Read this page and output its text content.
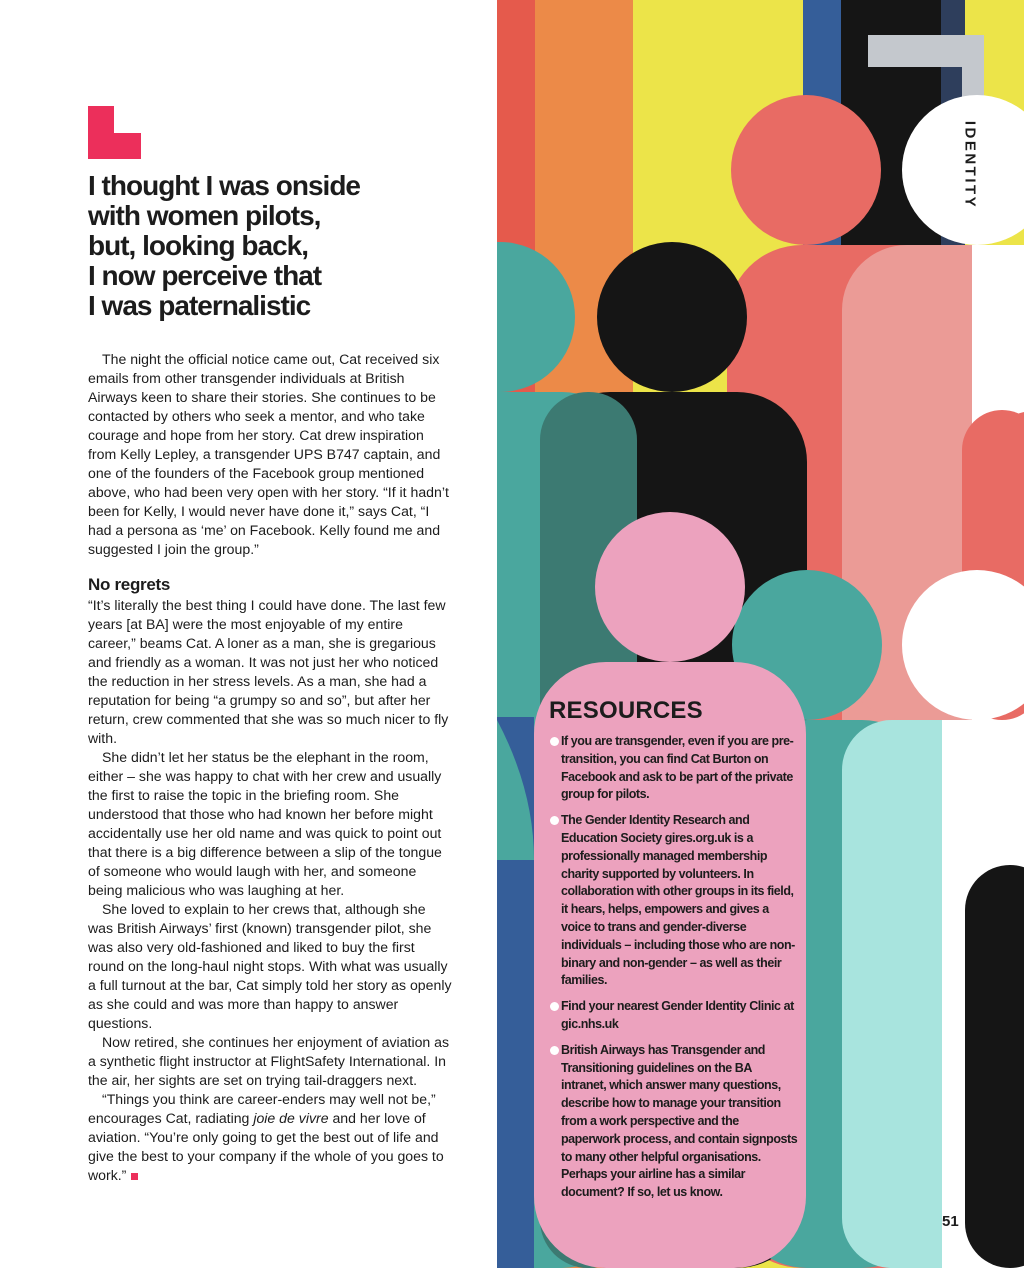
I thought I was onside
with women pilots,
but, looking back,
I now perceive that
I was paternalistic

The night the official notice came out, Cat received six emails from other transgender individuals at British Airways keen to share their stories. She continues to be contacted by others who seek a mentor, and who take courage and hope from her story. Cat drew inspiration from Kelly Lepley, a transgender UPS B747 captain, and one of the founders of the Facebook group mentioned above, who had been very open with her story. “If it hadn’t been for Kelly, I would never have done it,” says Cat, “I had a persona as ‘me’ on Facebook. Kelly found me and suggested I join the group.”

No regrets

“It’s literally the best thing I could have done. The last few years [at BA] were the most enjoyable of my entire career,” beams Cat. A loner as a man, she is gregarious and friendly as a woman. It was not just her who noticed the reduction in her stress levels. As a man, she had a reputation for being “a grumpy so and so”, but after her return, crew commented that she was so much nicer to fly with.

She didn’t let her status be the elephant in the room, either – she was happy to chat with her crew and usually the first to raise the topic in the briefing room. She understood that those who had known her before might accidentally use her old name and was quick to point out that there is a big difference between a slip of the tongue of someone who would laugh with her, and someone being malicious who was laughing at her.

She loved to explain to her crews that, although she was British Airways’ first (known) transgender pilot, she was also very old-fashioned and liked to buy the first round on the long-haul night stops. With what was usually a full turnout at the bar, Cat simply told her story as openly as she could and was more than happy to answer questions.

Now retired, she continues her enjoyment of aviation as a synthetic flight instructor at FlightSafety International. In the air, her sights are set on trying tail-draggers next.

“Things you think are career-enders may well not be,” encourages Cat, radiating joie de vivre and her love of aviation. “You’re only going to get the best out of life and give the best to your company if the whole of you goes to work.”

IDENTITY
RESOURCES
If you are transgender, even if you are pre-transition, you can find Cat Burton on Facebook and ask to be part of the private group for pilots.
The Gender Identity Research and Education Society gires.org.uk is a professionally managed membership charity supported by volunteers. In collaboration with other groups in its field, it hears, helps, empowers and gives a voice to trans and gender-diverse individuals – including those who are non-binary and non-gender – as well as their families.
Find your nearest Gender Identity Clinic at gic.nhs.uk
British Airways has Transgender and Transitioning guidelines on the BA intranet, which answer many questions, describe how to manage your transition from a work perspective and the paperwork process, and contain signposts to many other helpful organisations. Perhaps your airline has a similar document? If so, let us know.
51
